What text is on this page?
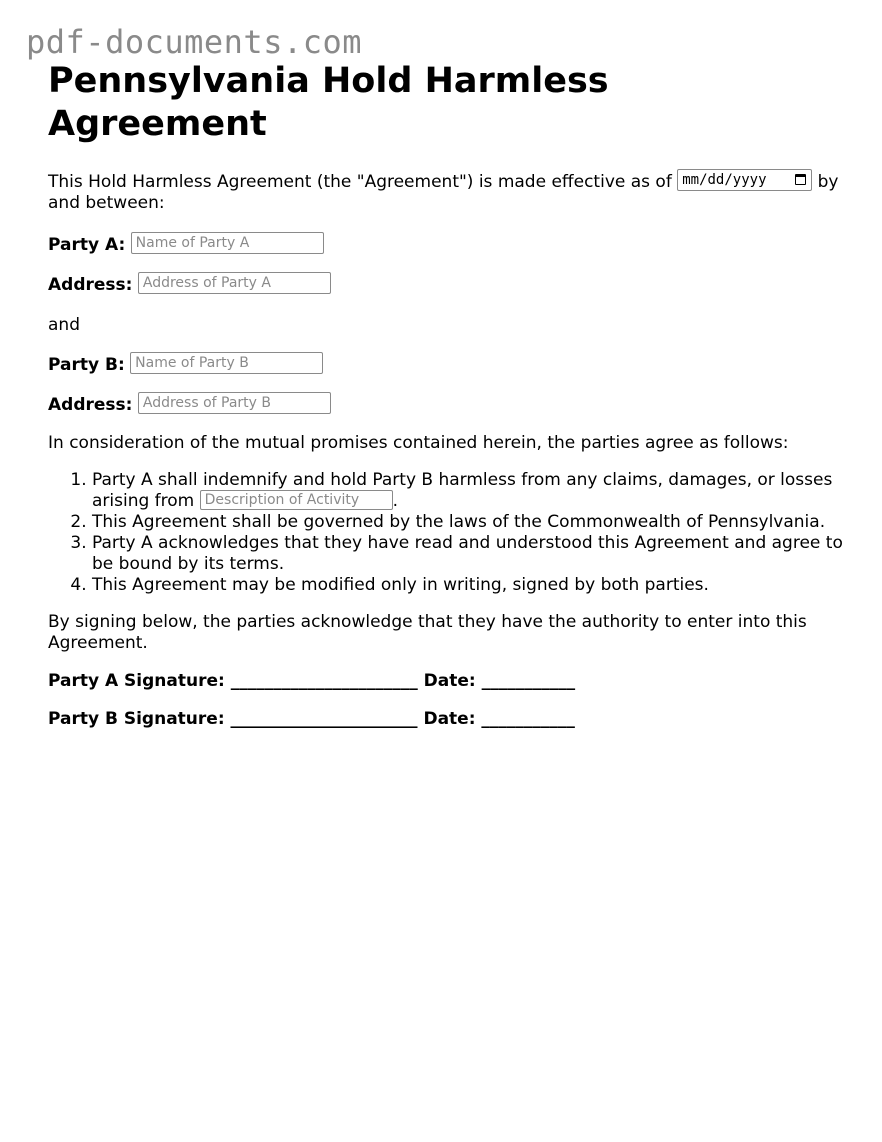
pdf-documents.com
Pennsylvania Hold Harmless Agreement

This Hold Harmless Agreement (the "Agreement") is made effective as of mm/dd/yyyy	by and between:

Party A: Name of Party A
Address: Address of Party A

and

Party B: Name of Party B
Address: Address of Party B

In consideration of the mutual promises contained herein, the parties agree as follows:

1. Party A shall indemnify and hold Party B harmless from any claims, damages, or losses arising from Description of Activity	.
2. This Agreement shall be governed by the laws of the Commonwealth of Pennsylvania.
3. Party A acknowledges that they have read and understood this Agreement and agree to be bound by its terms.
4. This Agreement may be modified only in writing, signed by both parties.

By signing below, the parties acknowledge that they have the authority to enter into this Agreement.

Party A Signature: ______________________ Date: ___________
Party B Signature: ______________________ Date: ___________
